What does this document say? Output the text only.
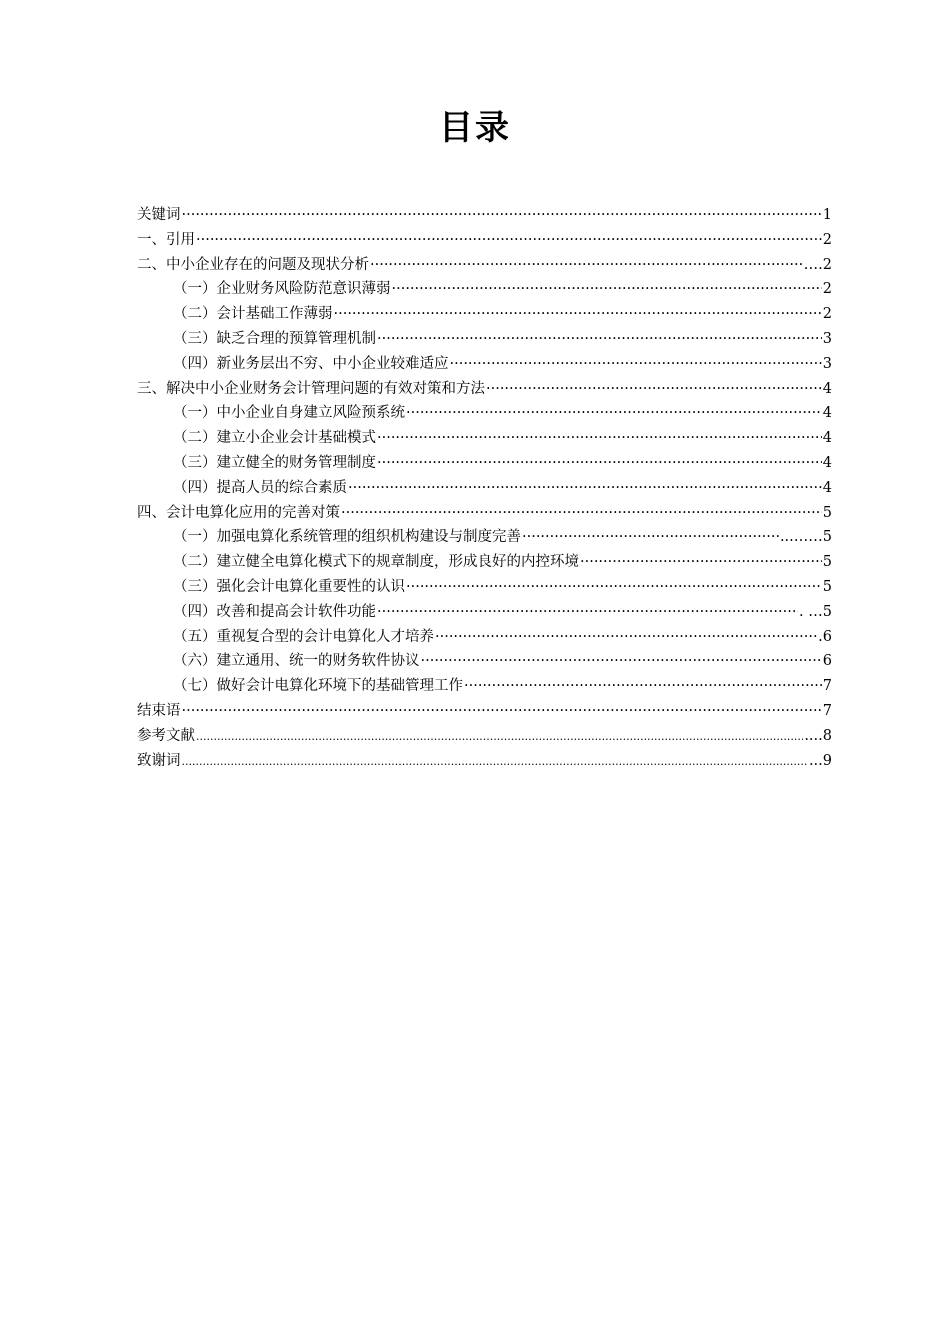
目录
关键词 ·····	1
一、引用 ·····	2
二、中小企业存在的问题及现状分析 ·····	….2
（一）企业财务风险防范意识薄弱 ·····	2
（二）会计基础工作薄弱 ·····	2
（三）缺乏合理的预算管理机制 ·····	3
（四）新业务层出不穷、中小企业较难适应 ·····	3
三、解决中小企业财务会计管理问题的有效对策和方法 ·····	4
（一）中小企业自身建立风险预系统 ·····	4
（二）建立小企业会计基础模式 ·····	4
（三）建立健全的财务管理制度 ·····	4
（四）提高人员的综合素质 ·····	4
四、会计电算化应用的完善对策 ·····	5
（一）加强电算化系统管理的组织机构建设与制度完善 ·····	...……5
（二）建立健全电算化模式下的规章制度，形成良好的内控环境 ·····	5
（三）强化会计电算化重要性的认识 ·····	5
（四）改善和提高会计软件功能 ·····	. …5
（五）重视复合型的会计电算化人才培养 ·····	.6
（六）建立通用、统一的财务软件协议 ·····	6
（七）做好会计电算化环境下的基础管理工作 ·····	7
结束语 ·····	7
参考文献 .....	....8
致谢词 .....	...9
